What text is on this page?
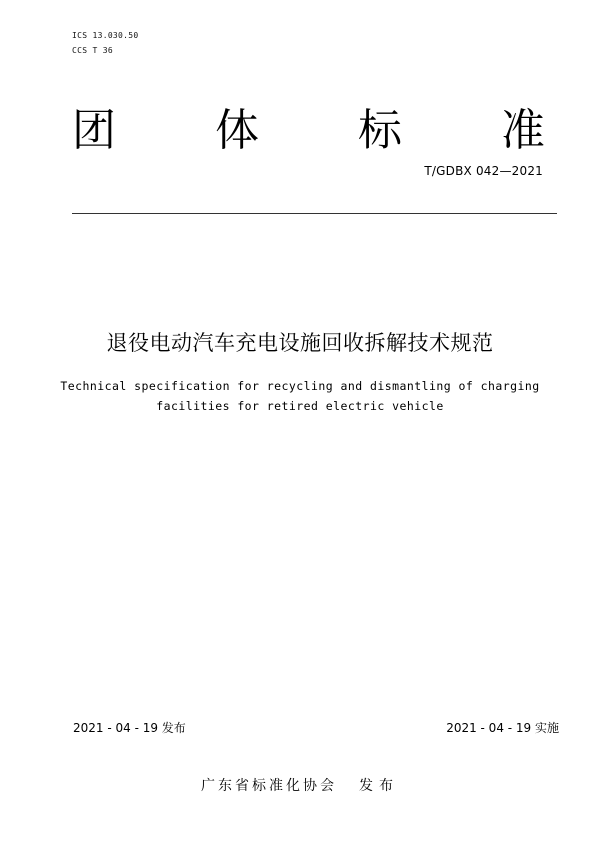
ICS 13.030.50
CCS T 36
团 体 标 准
T/GDBX 042—2021
退役电动汽车充电设施回收拆解技术规范
Technical specification for recycling and dismantling of charging
facilities for retired electric vehicle
2021 - 04 - 19 发布	2021 - 04 - 19 实施
广东省标准化协会 发布
